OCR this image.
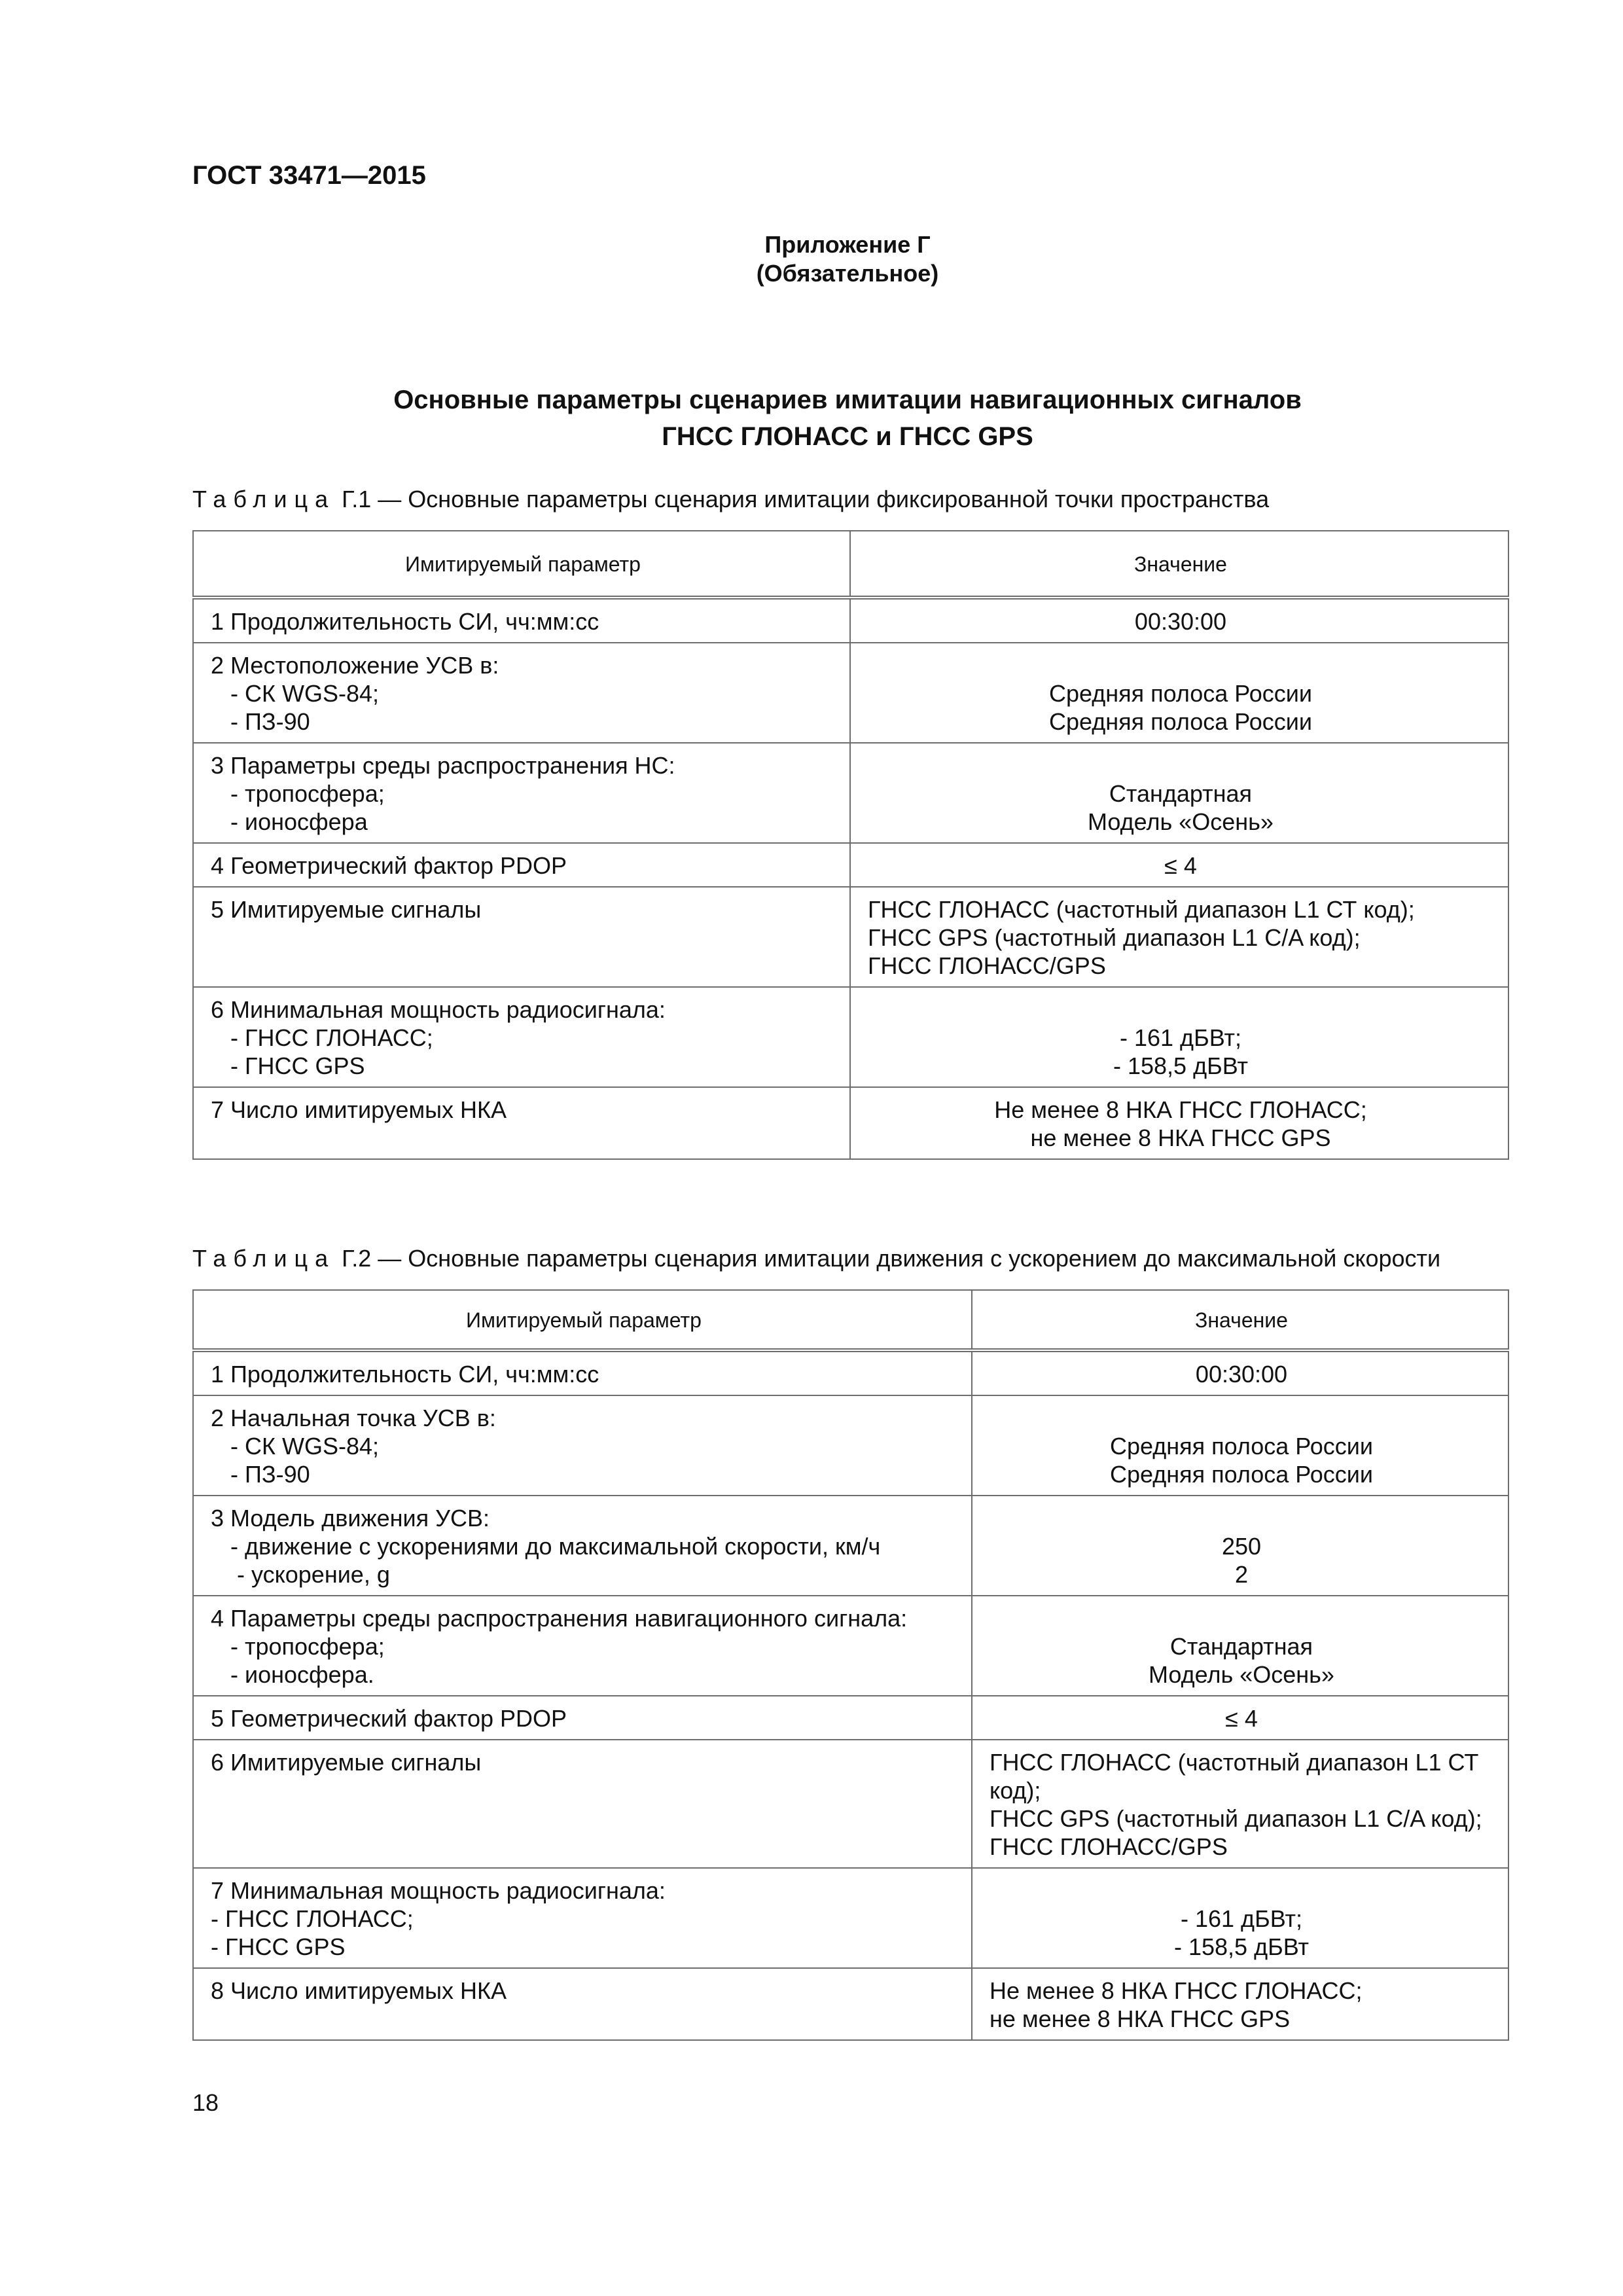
ГОСТ 33471—2015
Приложение Г
(Обязательное)
Основные параметры сценариев имитации навигационных сигналов
ГНСС ГЛОНАСС и ГНСС GPS
Таблица Г.1 — Основные параметры сценария имитации фиксированной точки пространства
Имитируемый параметр	Значение

1 Продолжительность СИ, чч:мм:сс	00:30:00

2 Местоположение УСВ в:
- СК WGS-84;
- ПЗ-90	Средняя полоса России
Средняя полоса России

3 Параметры среды распространения НС:
- тропосфера;
- ионосфера	Стандартная
Модель «Осень»

4 Геометрический фактор PDOP	≤ 4

5 Имитируемые сигналы	ГНСС ГЛОНАСС (частотный диапазон L1 СТ код);
ГНСС GPS (частотный диапазон L1 C/A код);
ГНСС ГЛОНАСС/GPS

6 Минимальная мощность радиосигнала:
- ГНСС ГЛОНАСС;
- ГНСС GPS	- 161 дБВт;
- 158,5 дБВт

7 Число имитируемых НКА	Не менее 8 НКА ГНСС ГЛОНАСС;
не менее 8 НКА ГНСС GPS
Таблица Г.2 — Основные параметры сценария имитации движения с ускорением до максимальной скорости
Имитируемый параметр	Значение

1 Продолжительность СИ, чч:мм:сс	00:30:00

2 Начальная точка УСВ в:
- СК WGS-84;
- ПЗ-90	Средняя полоса России
Средняя полоса России

3 Модель движения УСВ:
- движение с ускорениями до максимальной скорости, км/ч
- ускорение, g	250
2

4 Параметры среды распространения навигационного сигнала:
- тропосфера;
- ионосфера.	Стандартная
Модель «Осень»

5 Геометрический фактор PDOP	≤ 4

6 Имитируемые сигналы	ГНСС ГЛОНАСС (частотный диапазон L1 СТ
код);
ГНСС GPS (частотный диапазон L1 C/A код);
ГНСС ГЛОНАСС/GPS

7 Минимальная мощность радиосигнала:
- ГНСС ГЛОНАСС;
- ГНСС GPS	- 161 дБВт;
- 158,5 дБВт

8 Число имитируемых НКА	Не менее 8 НКА ГНСС ГЛОНАСС;
не менее 8 НКА ГНСС GPS
18
